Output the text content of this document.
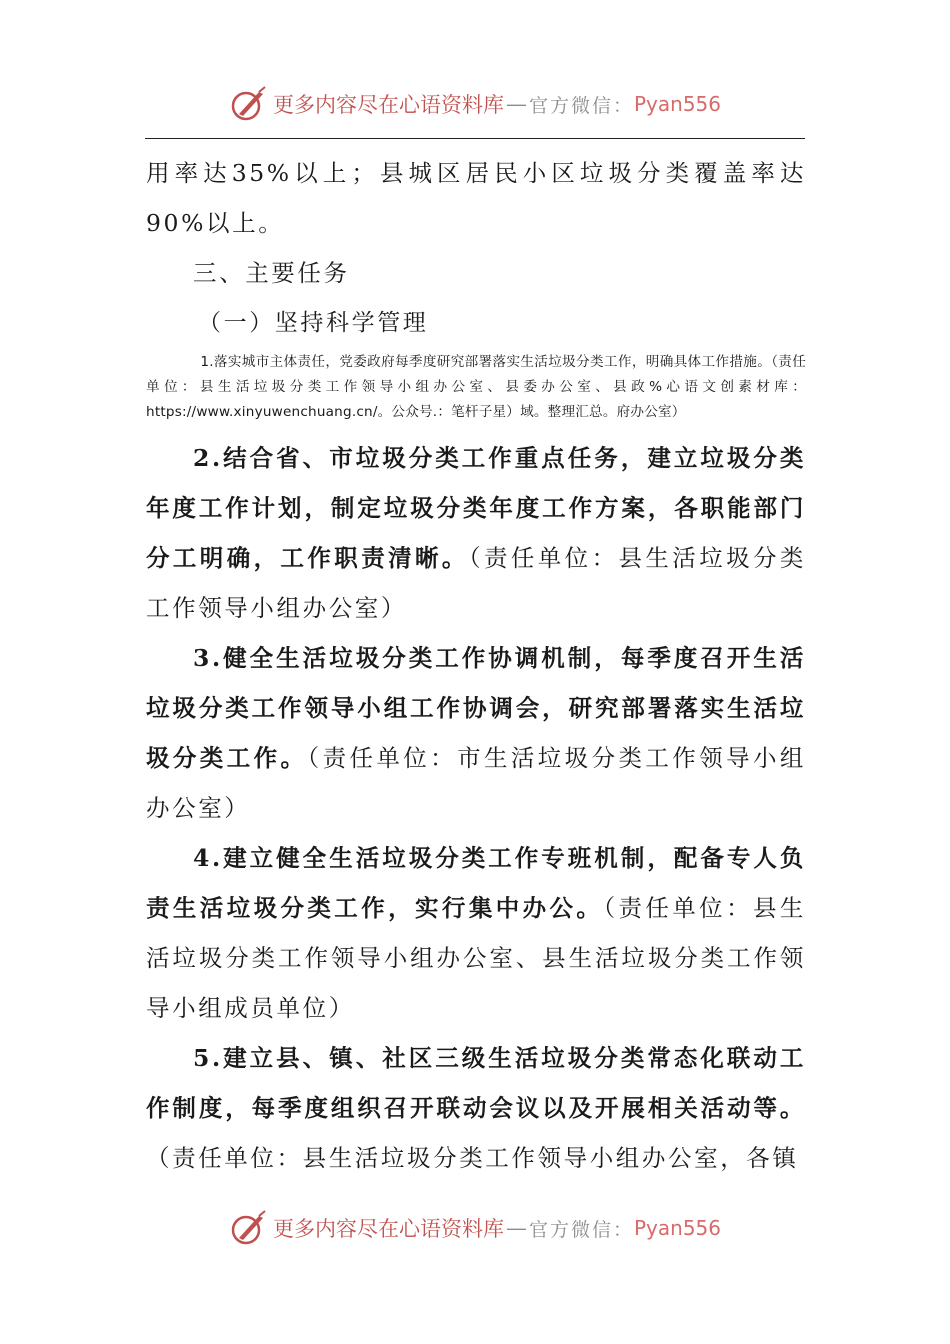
更多内容尽在心语资料库 — 官方微信： Pyan556

用率达35%以上；县城区居民小区垃圾分类覆盖率达90%以上。

三、主要任务

（一）坚持科学管理

1.落实城市主体责任，党委政府每季度研究部署落实生活垃圾分类工作，明确具体工作措施。（责任单位：县生活垃圾分类工作领导小组办公室、县委办公室、县政%心语文创素材库：https://www.xinyuwenchuang.cn/。公众号.：笔杆子星）域。整理汇总。府办公室）

2.结合省、市垃圾分类工作重点任务，建立垃圾分类年度工作计划，制定垃圾分类年度工作方案，各职能部门分工明确，工作职责清晰。（责任单位：县生活垃圾分类工作领导小组办公室）

3.健全生活垃圾分类工作协调机制，每季度召开生活垃圾分类工作领导小组工作协调会，研究部署落实生活垃圾分类工作。（责任单位：市生活垃圾分类工作领导小组办公室）

4.建立健全生活垃圾分类工作专班机制，配备专人负责生活垃圾分类工作，实行集中办公。（责任单位：县生活垃圾分类工作领导小组办公室、县生活垃圾分类工作领导小组成员单位）

5.建立县、镇、社区三级生活垃圾分类常态化联动工作制度，每季度组织召开联动会议以及开展相关活动等。（责任单位：县生活垃圾分类工作领导小组办公室，各镇

更多内容尽在心语资料库 — 官方微信： Pyan556
